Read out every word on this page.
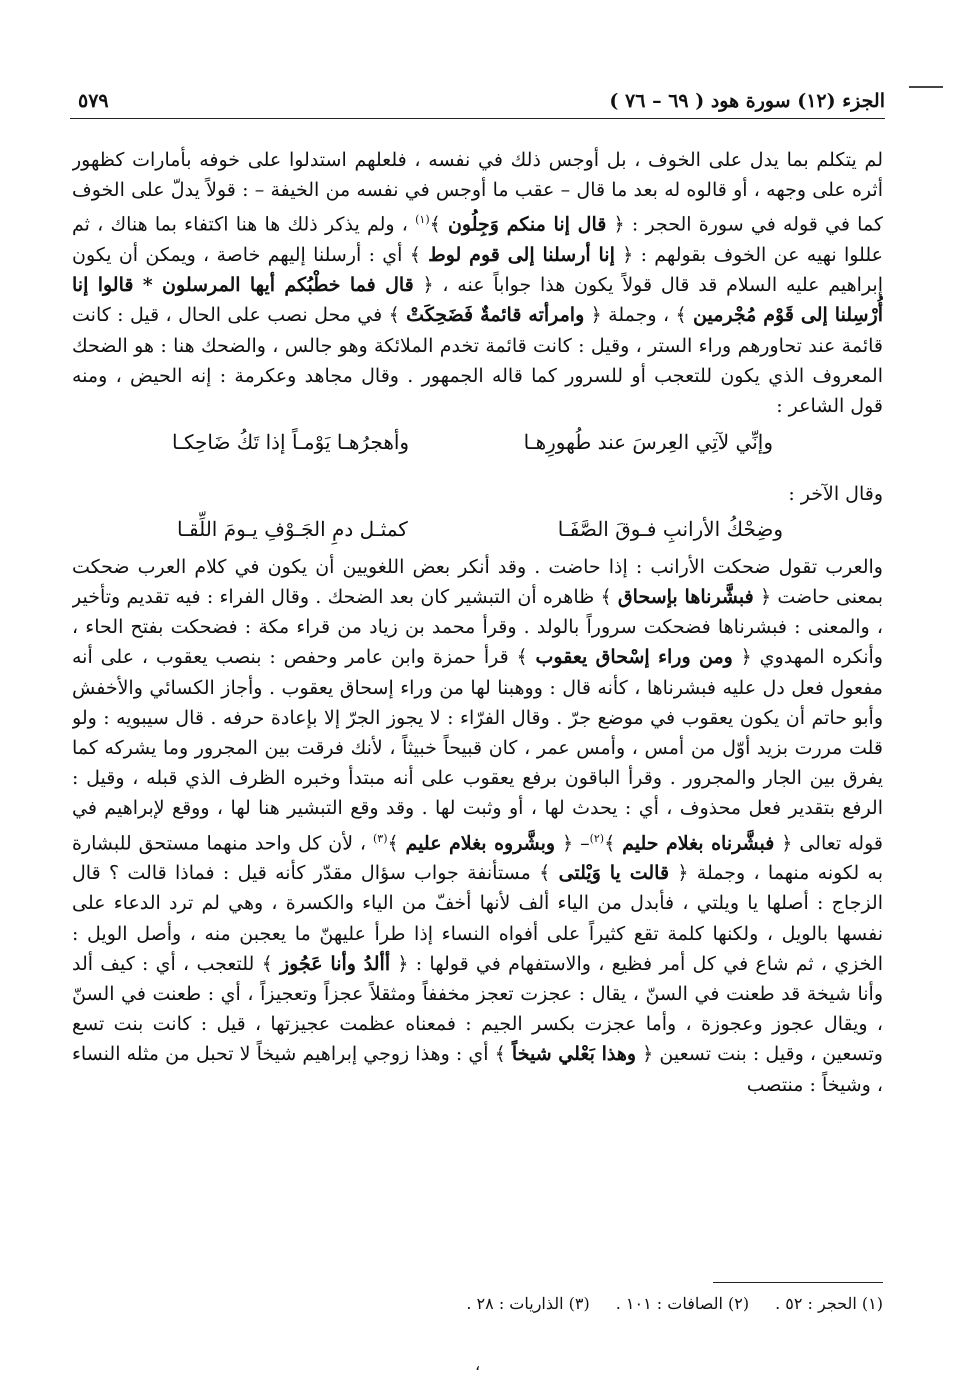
الجزء (١٢) سورة هود ( ٦٩ – ٧٦ )
٥٧٩

لم يتكلم بما يدل على الخوف ، بل أوجس ذلك في نفسه ، فلعلهم استدلوا على خوفه بأمارات كظهور أثره على وجهه ، أو قالوه له بعد ما قال – عقب ما أوجس في نفسه من الخيفة – : قولاً يدلّ على الخوف كما في قوله في سورة الحجر : ﴿ قال إنا منكم وَجِلُون ﴾$^{(١)}$ ، ولم يذكر ذلك ها هنا اكتفاء بما هناك ، ثم عللوا نهيه عن الخوف بقولهم : ﴿ إنا أرسلنا إلى قوم لوط ﴾ أي : أرسلنا إليهم خاصة ، ويمكن أن يكون إبراهيم عليه السلام قد قال قولاً يكون هذا جواباً عنه ، ﴿ قال فما خطْبُكم أيها المرسلون * قالوا إنا أُرْسِلنا إلى قَوْم مُجْرمين ﴾ ، وجملة ﴿ وامرأته قائمةٌ فَضَحِكَتْ ﴾ في محل نصب على الحال ، قيل : كانت قائمة عند تحاورهم وراء الستر ، وقيل : كانت قائمة تخدم الملائكة وهو جالس ، والضحك هنا : هو الضحك المعروف الذي يكون للتعجب أو للسرور كما قاله الجمهور . وقال مجاهد وعكرمة : إنه الحيض ، ومنه قول الشاعر :

وإنِّي لآتِي العِرسَ عند طُهورِهـا
وأهجرُهـا يَوْمـاً إذا تَكُ ضَاحِكـا

وقال الآخر :

وضِحْكُ الأرانبِ فـوقَ الصَّفَـا
كمثـل دمِ الجَـوْفِ يـومَ اللِّقـا

والعرب تقول ضحكت الأرانب : إذا حاضت . وقد أنكر بعض اللغويين أن يكون في كلام العرب ضحكت بمعنى حاضت ﴿ فبشَّرناها بإسحاق ﴾ ظاهره أن التبشير كان بعد الضحك . وقال الفراء : فيه تقديم وتأخير ، والمعنى : فبشرناها فضحكت سروراً بالولد . وقرأ محمد بن زياد من قراء مكة : فضحكت بفتح الحاء ، وأنكره المهدوي ﴿ ومن وراء إسْحاق يعقوب ﴾ قرأ حمزة وابن عامر وحفص : بنصب يعقوب ، على أنه مفعول فعل دل عليه فبشرناها ، كأنه قال : ووهبنا لها من وراء إسحاق يعقوب . وأجاز الكسائي والأخفش وأبو حاتم أن يكون يعقوب في موضع جرّ . وقال الفرّاء : لا يجوز الجرّ إلا بإعادة حرفه . قال سيبويه : ولو قلت مررت بزيد أوّل من أمس ، وأمس عمر ، كان قبيحاً خبيثاً ، لأنك فرقت بين المجرور وما يشركه كما يفرق بين الجار والمجرور . وقرأ الباقون برفع يعقوب على أنه مبتدأ وخبره الظرف الذي قبله ، وقيل : الرفع بتقدير فعل محذوف ، أي : يحدث لها ، أو وثبت لها . وقد وقع التبشير هنا لها ، ووقع لإبراهيم في قوله تعالى ﴿ فبشَّرناه بغلام حليم ﴾$^{(٢)}$– ﴿ وبشَّروه بغلام عليم ﴾$^{(٣)}$ ، لأن كل واحد منهما مستحق للبشارة به لكونه منهما ، وجملة ﴿ قالت يا وَيْلتى ﴾ مستأنفة جواب سؤال مقدّر كأنه قيل : فماذا قالت ؟ قال الزجاج : أصلها يا ويلتي ، فأبدل من الياء ألف لأنها أخفّ من الياء والكسرة ، وهي لم ترد الدعاء على نفسها بالويل ، ولكنها كلمة تقع كثيراً على أفواه النساء إذا طرأ عليهنّ ما يعجبن منه ، وأصل الويل : الخزي ، ثم شاع في كل أمر فظيع ، والاستفهام في قولها : ﴿ أألدُ وأنا عَجُوز ﴾ للتعجب ، أي : كيف ألد وأنا شيخة قد طعنت في السنّ ، يقال : عجزت تعجز مخففاً ومثقلاً عجزاً وتعجيزاً ، أي : طعنت في السنّ ، ويقال عجوز وعجوزة ، وأما عجزت بكسر الجيم : فمعناه عظمت عجيزتها ، قيل : كانت بنت تسع وتسعين ، وقيل : بنت تسعين ﴿ وهذا بَعْلي شيخاً ﴾ أي : وهذا زوجي إبراهيم شيخاً لا تحبل من مثله النساء ، وشيخاً : منتصب

(١) الحجر : ٥٢ .
(٢) الصافات : ١٠١ .
(٣) الذاريات : ٢٨ .
،
